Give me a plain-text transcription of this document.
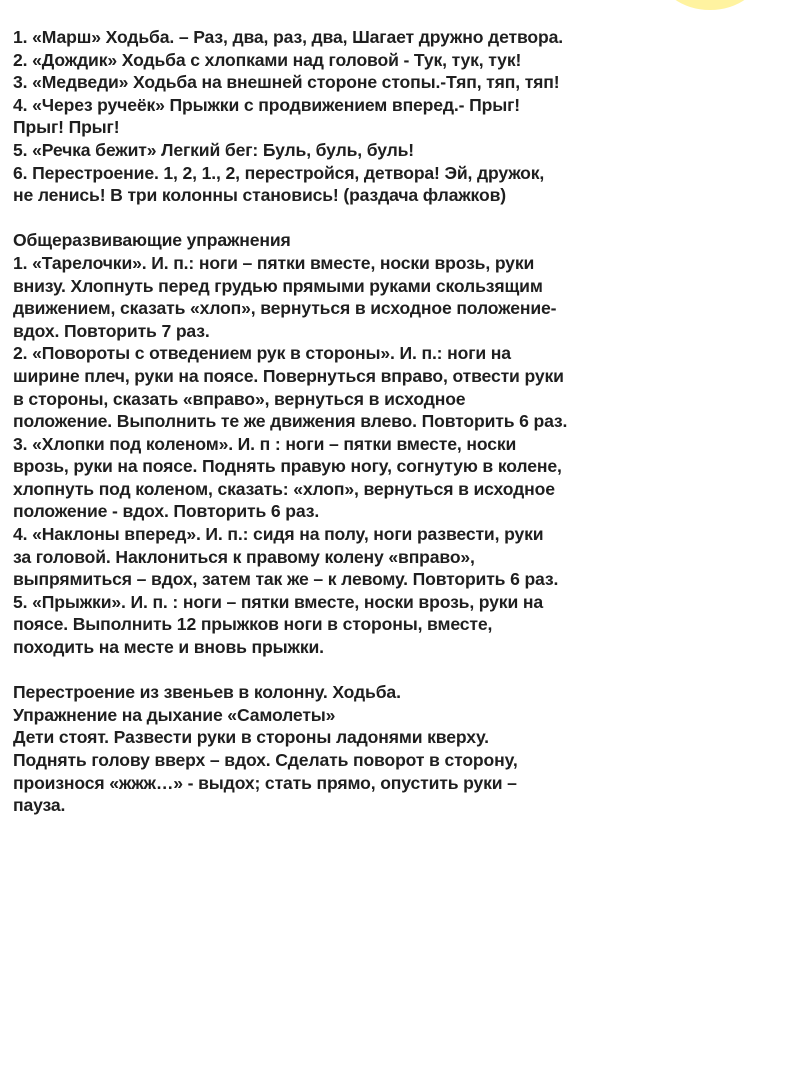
1. «Марш» Ходьба. – Раз, два, раз, два, Шагает дружно детвора.
2. «Дождик» Ходьба с хлопками над головой - Тук, тук, тук!
3. «Медведи» Ходьба на внешней стороне стопы.-Тяп, тяп, тяп!
4. «Через ручеёк» Прыжки с продвижением вперед.- Прыг!
Прыг! Прыг!
5. «Речка бежит» Легкий бег: Буль, буль, буль!
6. Перестроение. 1, 2, 1., 2, перестройся, детвора! Эй, дружок,
не ленись! В три колонны становись! (раздача флажков)
Общеразвивающие упражнения
1. «Тарелочки». И. п.: ноги – пятки вместе, носки врозь, руки
внизу. Хлопнуть перед грудью прямыми руками скользящим
движением, сказать «хлоп», вернуться в исходное положение-
вдох. Повторить 7 раз.
2. «Повороты с отведением рук в стороны». И. п.: ноги на
ширине плеч, руки на поясе. Повернуться вправо, отвести руки
в стороны, сказать «вправо», вернуться в исходное
положение. Выполнить те же движения влево. Повторить 6 раз.
3. «Хлопки под коленом». И. п : ноги – пятки вместе, носки
врозь, руки на поясе. Поднять правую ногу, согнутую в колене,
хлопнуть под коленом, сказать: «хлоп», вернуться в исходное
положение - вдох. Повторить 6 раз.
4. «Наклоны вперед». И. п.: сидя на полу, ноги развести, руки
за головой. Наклониться к правому колену «вправо»,
выпрямиться – вдох, затем так же – к левому. Повторить 6 раз.
5. «Прыжки». И. п. : ноги – пятки вместе, носки врозь, руки на
поясе. Выполнить 12 прыжков ноги в стороны, вместе,
походить на месте и вновь прыжки.
Перестроение из звеньев в колонну. Ходьба.
Упражнение на дыхание «Самолеты»
Дети стоят. Развести руки в стороны ладонями кверху.
Поднять голову вверх – вдох. Сделать поворот в сторону,
произнося «жжж…» - выдох; стать прямо, опустить руки –
пауза.
